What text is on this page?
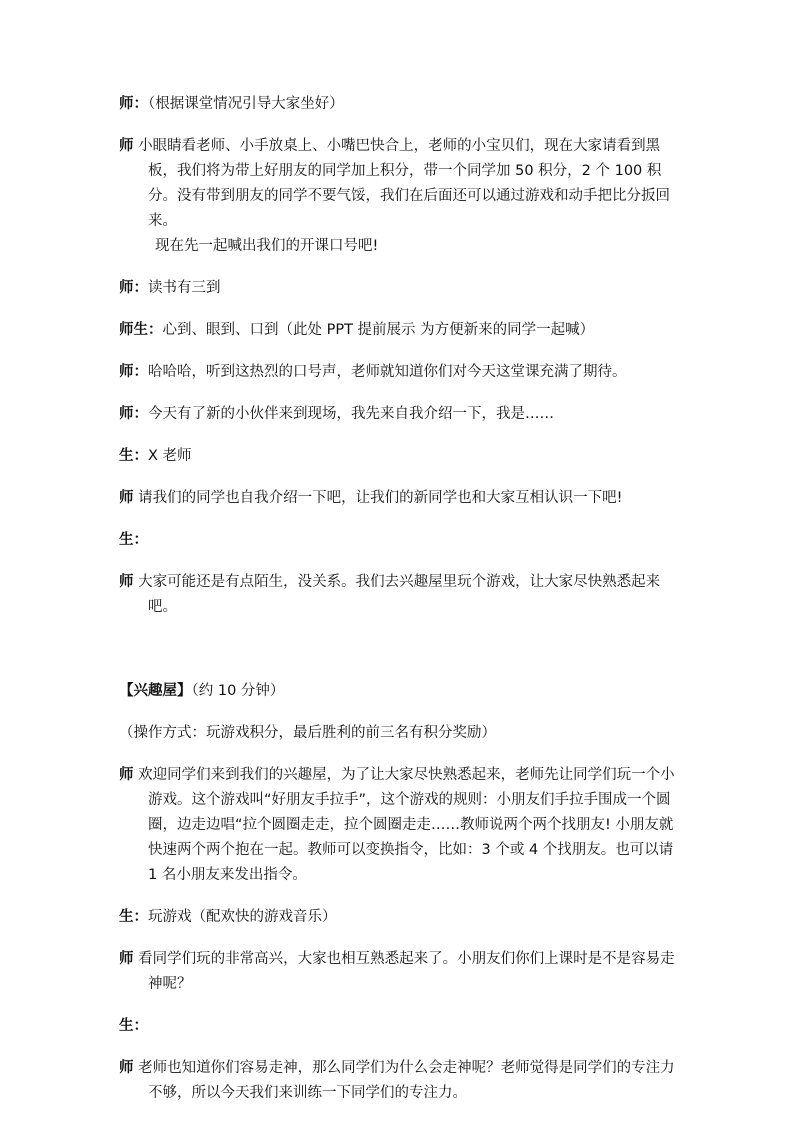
师：（根据课堂情况引导大家坐好）

师 小眼睛看老师、小手放桌上、小嘴巴快合上，老师的小宝贝们，现在大家请看到黑板，我们将为带上好朋友的同学加上积分，带一个同学加 50 积分，2 个 100 积分。没有带到朋友的同学不要气馁，我们在后面还可以通过游戏和动手把比分扳回来。
现在先一起喊出我们的开课口号吧!

师：读书有三到

师生：心到、眼到、口到（此处 PPT 提前展示 为方便新来的同学一起喊）

师：哈哈哈，听到这热烈的口号声，老师就知道你们对今天这堂课充满了期待。

师：今天有了新的小伙伴来到现场，我先来自我介绍一下，我是……

生：X 老师

师 请我们的同学也自我介绍一下吧，让我们的新同学也和大家互相认识一下吧!

生：

师 大家可能还是有点陌生，没关系。我们去兴趣屋里玩个游戏，让大家尽快熟悉起来吧。

【兴趣屋】（约 10 分钟）

（操作方式：玩游戏积分，最后胜利的前三名有积分奖励）

师 欢迎同学们来到我们的兴趣屋，为了让大家尽快熟悉起来，老师先让同学们玩一个小游戏。这个游戏叫“好朋友手拉手”，这个游戏的规则：小朋友们手拉手围成一个圆圈，边走边唱“拉个圆圈走走，拉个圆圈走走……教师说两个两个找朋友! 小朋友就快速两个两个抱在一起。教师可以变换指令，比如：3 个或 4 个找朋友。也可以请 1 名小朋友来发出指令。

生：玩游戏（配欢快的游戏音乐）

师 看同学们玩的非常高兴，大家也相互熟悉起来了。小朋友们你们上课时是不是容易走神呢？

生：

师 老师也知道你们容易走神，那么同学们为什么会走神呢？老师觉得是同学们的专注力不够，所以今天我们来训练一下同学们的专注力。
